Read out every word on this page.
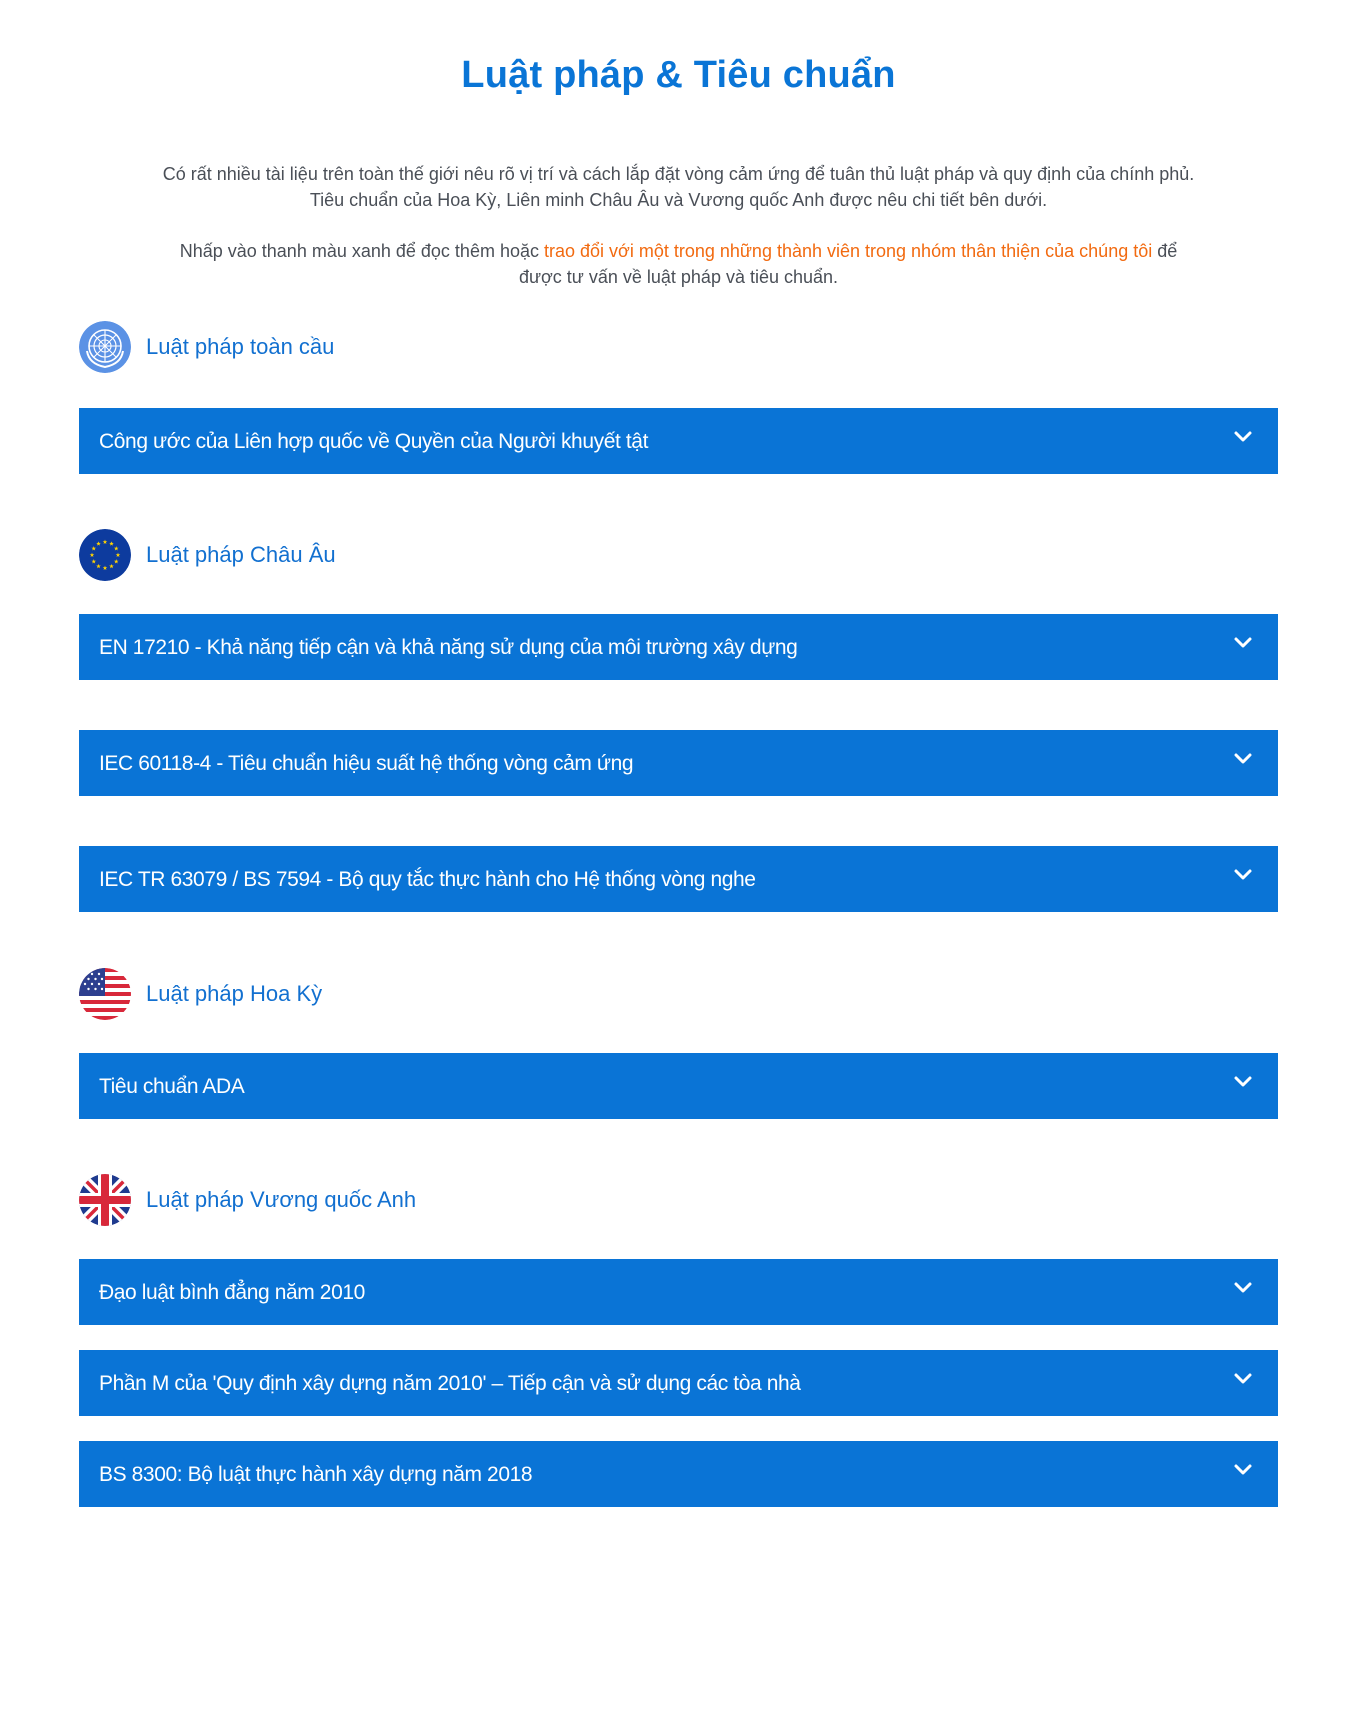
Luật pháp & Tiêu chuẩn

Có rất nhiều tài liệu trên toàn thế giới nêu rõ vị trí và cách lắp đặt vòng cảm ứng để tuân thủ luật pháp và quy định của chính phủ. Tiêu chuẩn của Hoa Kỳ, Liên minh Châu Âu và Vương quốc Anh được nêu chi tiết bên dưới.

Nhấp vào thanh màu xanh để đọc thêm hoặc trao đổi với một trong những thành viên trong nhóm thân thiện của chúng tôi để được tư vấn về luật pháp và tiêu chuẩn.

Luật pháp toàn cầu
Công ước của Liên hợp quốc về Quyền của Người khuyết tật
Luật pháp Châu Âu
EN 17210 - Khả năng tiếp cận và khả năng sử dụng của môi trường xây dựng
IEC 60118-4 - Tiêu chuẩn hiệu suất hệ thống vòng cảm ứng
IEC TR 63079 / BS 7594 - Bộ quy tắc thực hành cho Hệ thống vòng nghe
Luật pháp Hoa Kỳ
Tiêu chuẩn ADA
Luật pháp Vương quốc Anh
Đạo luật bình đẳng năm 2010
Phần M của 'Quy định xây dựng năm 2010' – Tiếp cận và sử dụng các tòa nhà
BS 8300: Bộ luật thực hành xây dựng năm 2018
